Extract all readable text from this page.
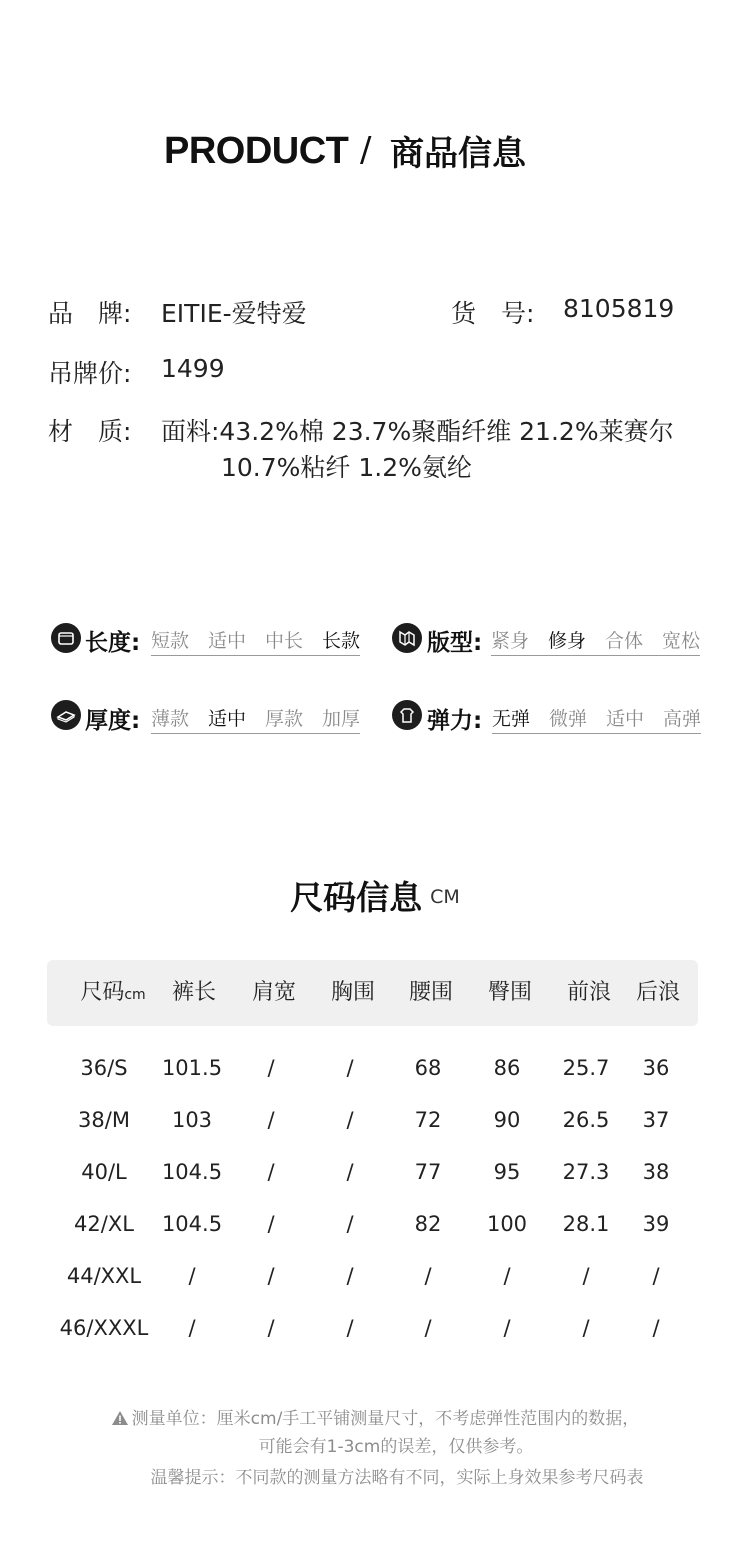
PRODUCT / 商品信息
品　牌: EITIE-爱特爱	货　号: 8105819
吊牌价: 1499
材　质: 面料:43.2%棉 23.7%聚酯纤维 21.2%莱赛尔
10.7%粘纤 1.2%氨纶
长度: 短款 适中 中长 长款	版型: 紧身 修身 合体 宽松
厚度: 薄款 适中 厚款 加厚	弹力: 无弹 微弹 适中 高弹
尺码信息 CM
尺码cm	裤长	肩宽	胸围	腰围	臀围	前浪	后浪
36/S	101.5	/	/	68	86	25.7	36
38/M	103	/	/	72	90	26.5	37
40/L	104.5	/	/	77	95	27.3	38
42/XL	104.5	/	/	82	100	28.1	39
44/XXL	/	/	/	/	/	/	/
46/XXXL	/	/	/	/	/	/	/
测量单位：厘米cm/手工平铺测量尺寸，不考虑弹性范围内的数据，
可能会有1-3cm的误差，仅供参考。
温馨提示：不同款的测量方法略有不同，实际上身效果参考尺码表
